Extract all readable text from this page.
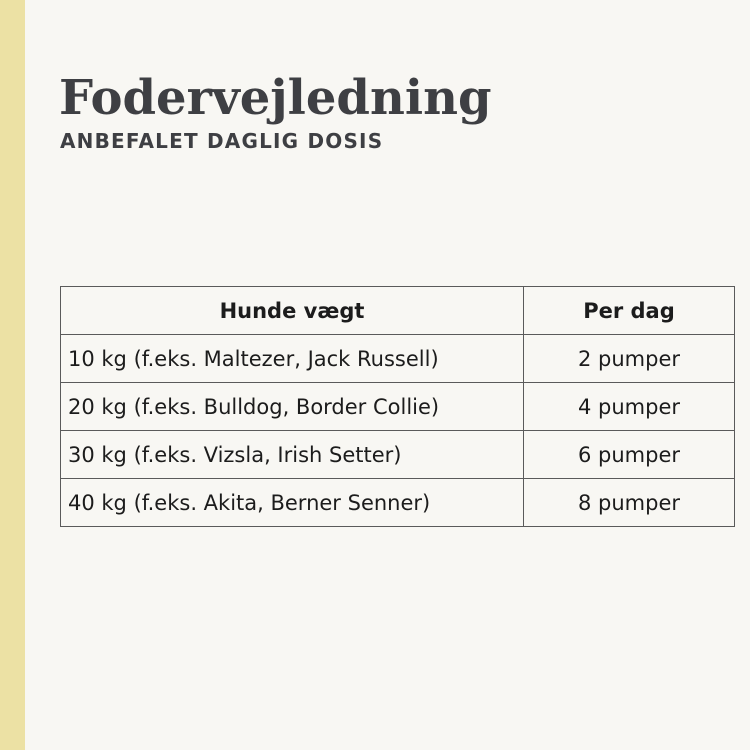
Fodervejledning
ANBEFALET DAGLIG DOSIS
Hunde vægt	Per dag
10 kg (f.eks. Maltezer, Jack Russell)	2 pumper
20 kg (f.eks. Bulldog, Border Collie)	4 pumper
30 kg (f.eks. Vizsla, Irish Setter)	6 pumper
40 kg (f.eks. Akita, Berner Senner)	8 pumper
